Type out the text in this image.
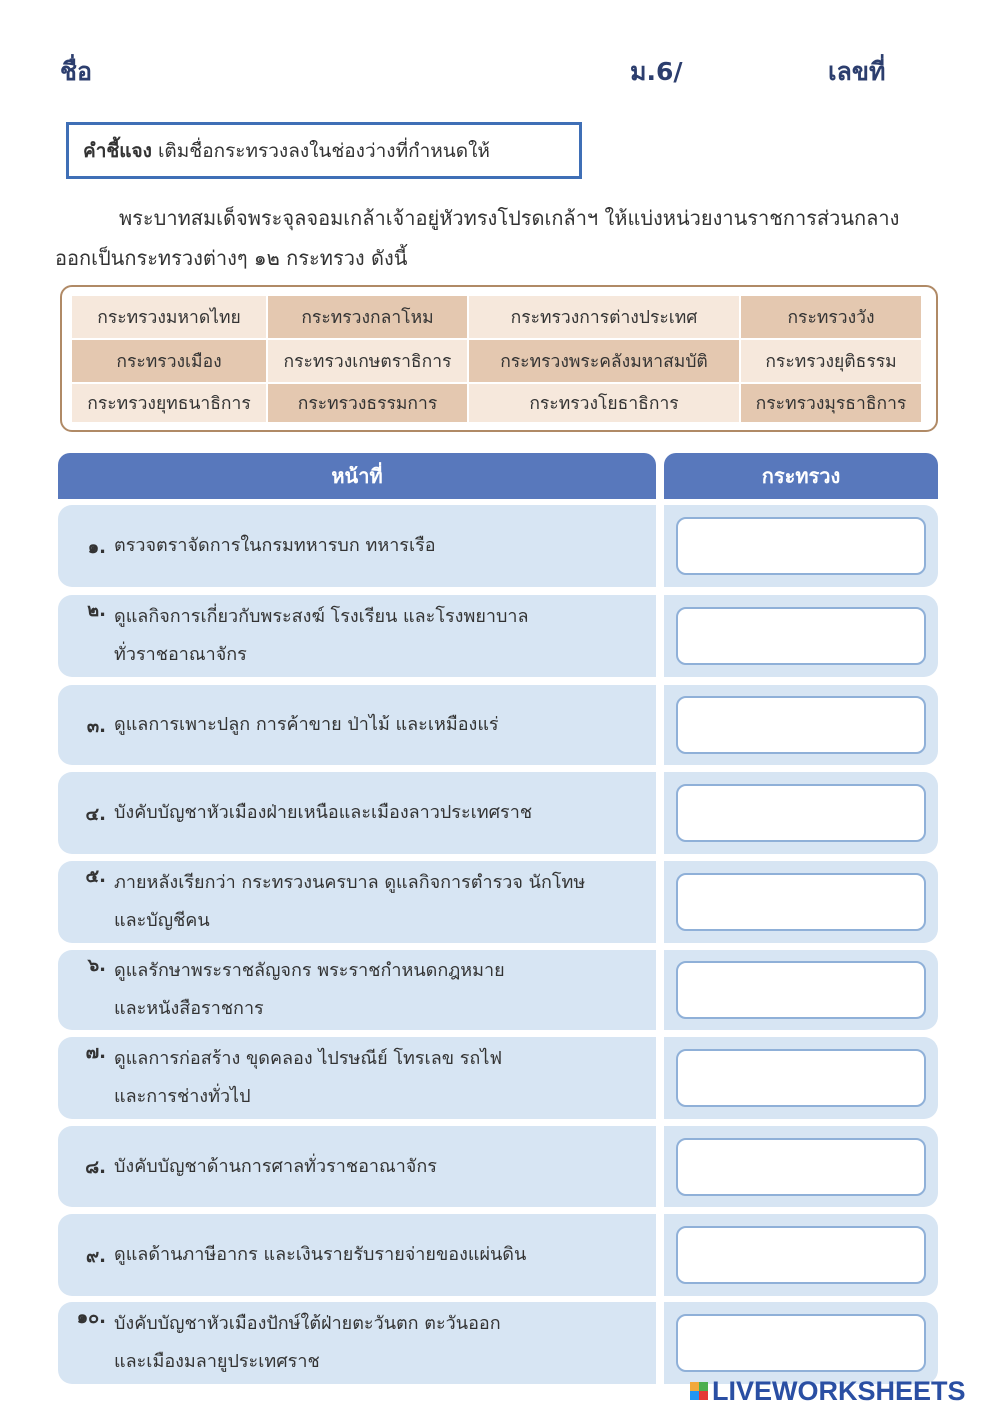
ชื่อ	ม.6/	เลขที่
คำชี้แจง เติมชื่อกระทรวงลงในช่องว่างที่กำหนดให้
พระบาทสมเด็จพระจุลจอมเกล้าเจ้าอยู่หัวทรงโปรดเกล้าฯ ให้แบ่งหน่วยงานราชการส่วนกลาง
ออกเป็นกระทรวงต่างๆ ๑๒ กระทรวง ดังนี้
กระทรวงมหาดไทย	กระทรวงกลาโหม	กระทรวงการต่างประเทศ	กระทรวงวัง
กระทรวงเมือง	กระทรวงเกษตราธิการ	กระทรวงพระคลังมหาสมบัติ	กระทรวงยุติธรรม
กระทรวงยุทธนาธิการ	กระทรวงธรรมการ	กระทรวงโยธาธิการ	กระทรวงมุรธาธิการ
หน้าที่	กระทรวง
๑. ตรวจตราจัดการในกรมทหารบก ทหารเรือ
๒. ดูแลกิจการเกี่ยวกับพระสงฆ์ โรงเรียน และโรงพยาบาล
ทั่วราชอาณาจักร
๓. ดูแลการเพาะปลูก การค้าขาย ป่าไม้ และเหมืองแร่
๔. บังคับบัญชาหัวเมืองฝ่ายเหนือและเมืองลาวประเทศราช
๕. ภายหลังเรียกว่า กระทรวงนครบาล ดูแลกิจการตำรวจ นักโทษ
และบัญชีคน
๖. ดูแลรักษาพระราชลัญจกร พระราชกำหนดกฎหมาย
และหนังสือราชการ
๗. ดูแลการก่อสร้าง ขุดคลอง ไปรษณีย์ โทรเลข รถไฟ
และการช่างทั่วไป
๘. บังคับบัญชาด้านการศาลทั่วราชอาณาจักร
๙. ดูแลด้านภาษีอากร และเงินรายรับรายจ่ายของแผ่นดิน
๑๐. บังคับบัญชาหัวเมืองปักษ์ใต้ฝ่ายตะวันตก ตะวันออก
และเมืองมลายูประเทศราช
LIVEWORKSHEETS
